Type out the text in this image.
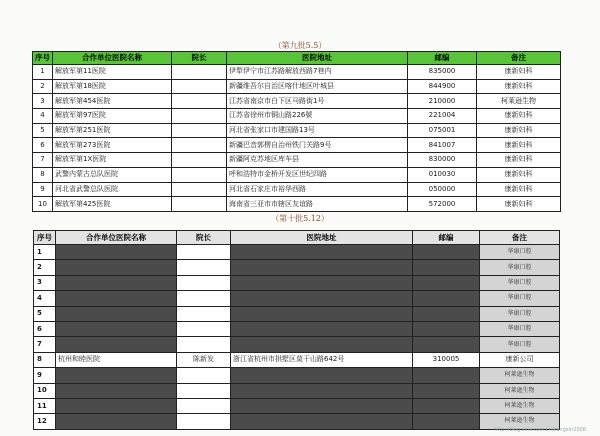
（第九批5.5）
序号	合作单位医院名称	院长	医院地址	邮编	备注
1	解放军第11医院		伊犁伊宁市江苏路解放西路7巷内	835000	康新妇科
2	解放军第18医院		新疆维吾尔自治区喀什地区叶城县	844900	康新妇科
3	解放军第454医院		江苏省南京市白下区马路街1号	210000	柯莱逊生物
4	解放军第97医院		江苏省徐州市铜山路226號	221004	康新妇科
5	解放军第251医院		河北省张家口市建国路13号	075001	康新妇科
6	解放军第273医院		新疆巴音郭楞自治州铁门关路9号	841007	康新妇科
7	解放军第1X医院		新疆阿克苏地区库车县	830000	康新妇科
8	武警内蒙古总队医院		呼和浩特市金桥开发区世纪四路	010030	康新妇科
9	河北省武警总队医院		河北省石家庄市裕华西路	050000	康新妇科
10	解放军第425医院		海南省三亚市市辖区友谊路	572000	康新妇科
（第十批5.12）
序号	合作单位医院名称	院长	医院地址	邮编	备注
1					华康口腔
2					华康口腔
3					华康口腔
4					华康口腔
5					华康口腔
6					华康口腔
7					华康口腔
8	杭州和睦医院	陈新发	浙江省杭州市拱墅区莫干山路642号	310005	康新公司
9					柯莱逊生物
10					柯莱逊生物
11					柯莱逊生物
12					柯莱逊生物
http://blog.sina.com.cn/kangxin2008
